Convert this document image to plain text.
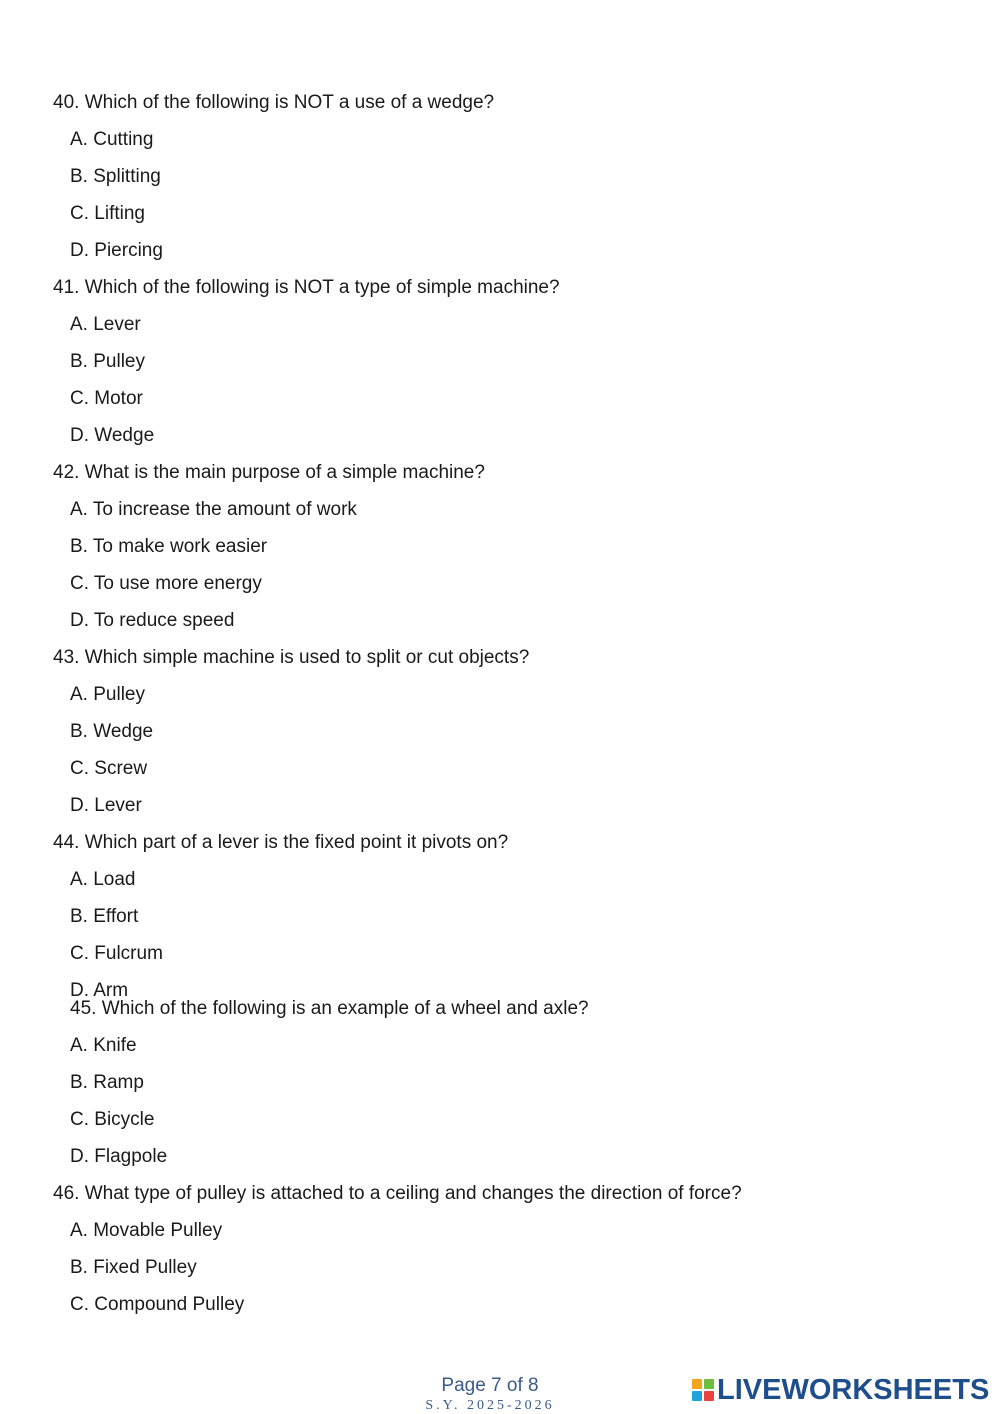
40. Which of the following is NOT a use of a wedge?
A. Cutting
B. Splitting
C. Lifting
D. Piercing
41. Which of the following is NOT a type of simple machine?
A. Lever
B. Pulley
C. Motor
D. Wedge
42. What is the main purpose of a simple machine?
A. To increase the amount of work
B. To make work easier
C. To use more energy
D. To reduce speed
43. Which simple machine is used to split or cut objects?
A. Pulley
B. Wedge
C. Screw
D. Lever
44. Which part of a lever is the fixed point it pivots on?
A. Load
B. Effort
C. Fulcrum
D. Arm
45. Which of the following is an example of a wheel and axle?
A. Knife
B. Ramp
C. Bicycle
D. Flagpole
46. What type of pulley is attached to a ceiling and changes the direction of force?
A. Movable Pulley
B. Fixed Pulley
C. Compound Pulley
Page 7 of 8
S.Y. 2025-2026	LIVEWORKSHEETS
